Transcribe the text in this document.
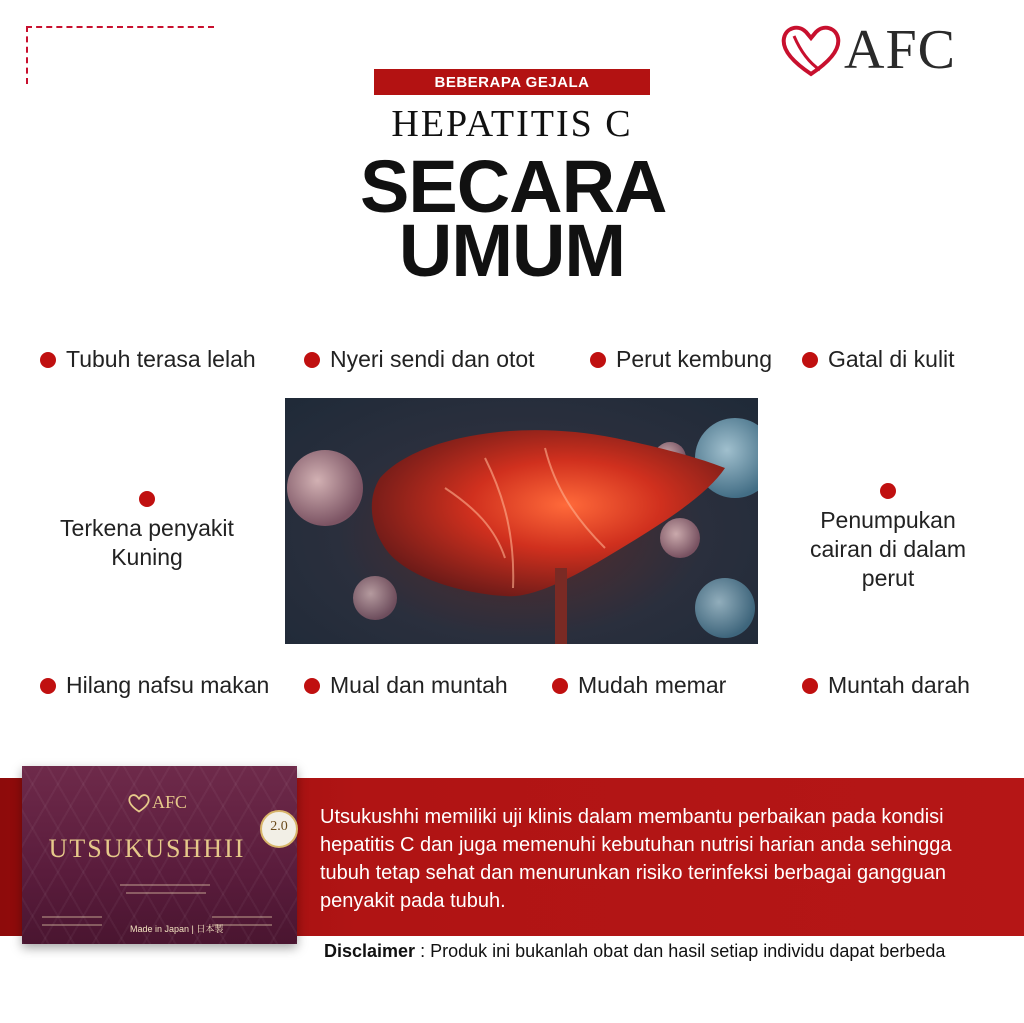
AFC
BEBERAPA GEJALA
HEPATITIS C
SECARA
UMUM
Tubuh terasa lelah	Nyeri sendi dan otot	Perut kembung Gatal di kulit
Terkena penyakit
Kuning
Penumpukan
cairan di dalam
perut
Hilang nafsu makan	Mual dan muntah	Mudah memar	Muntah darah
AFC
UTSUKUSHHII
2.0
Made in Japan | 日本製
Utsukushhi memiliki uji klinis dalam membantu perbaikan pada kondisi
hepatitis C dan juga memenuhi kebutuhan nutrisi harian anda sehingga
tubuh tetap sehat dan menurunkan risiko terinfeksi berbagai gangguan
penyakit pada tubuh.
Disclaimer : Produk ini bukanlah obat dan hasil setiap individu dapat berbeda
